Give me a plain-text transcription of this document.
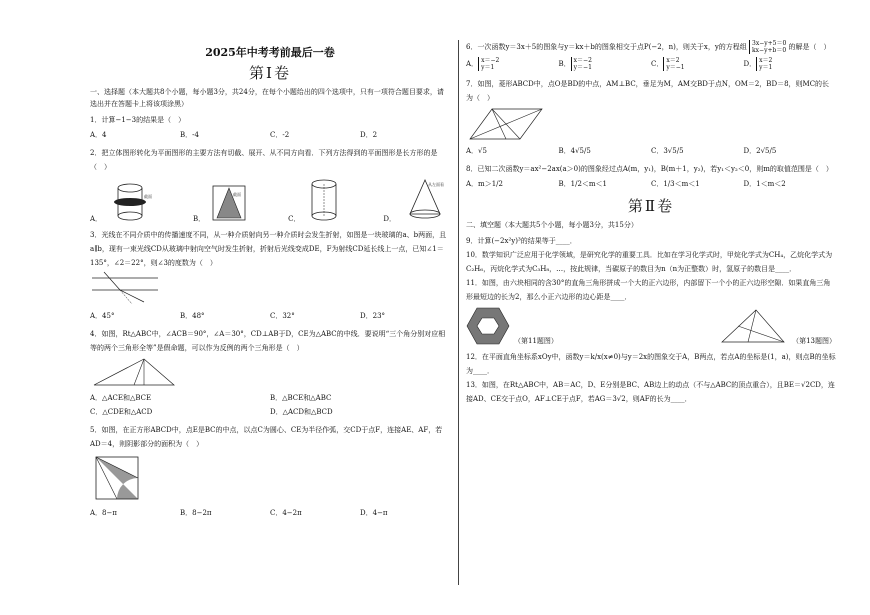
2025年中考考前最后一卷
第Ⅰ卷
一、选择题（本大题共8个小题，每小题3分，共24分，在每个小题给出的四个选项中，只有一项符合题目要求，请选出并在答题卡上将该项涂黑）

1．计算−1−3的结果是（　）

A．4	B．-4	C．-2	D．2

2．把立体图形转化为平面图形的主要方法有切截、展开、从不同方向看．下列方法得到的平面图形是长方形的是（　）

A．
截面
B．
截面
C．	D．
从左面看

3．光线在不同介质中的传播速度不同，从一种介质射向另一种介质时会发生折射，如图是一块玻璃的a、b两面，且a∥b，现有一束光线CD从玻璃中射向空气时发生折射，折射后光线变成DE，F为射线CD延长线上一点，已知∠1＝135°，∠2＝22°，则∠3的度数为（　）

A．45°	B．48°	C．32°	D．23°

4．如图，Rt△ABC中，∠ACB＝90°，∠A＝30°，CD⊥AB于D，CE为△ABC的中线．要说明“三个角分别对应相等的两个三角形全等”是假命题，可以作为反例的两个三角形是（　）

A．△ACE和△BCE	B．△BCE和△ABC
C．△CDE和△ACD	D．△ACD和△BCD

5．如图，在正方形ABCD中，点E是BC的中点，以点C为圆心、CE为半径作弧，交CD于点F，连接AE、AF，若AD＝4，则阴影部分的面积为（　）

A．8−π	B．8−2π	C．4−2π	D．4−π

6．一次函数y＝3x＋5的图象与y＝kx＋b的图象相交于点P(−2，n)，则关于x，y的方程组 3x−y+5＝0
kx−y+b＝0 的解是（　）

A． x＝−2
y＝1	B． x＝−2
y＝−1	C． x＝2
y＝−1	D． x＝2
y＝1

7．如图，菱形ABCD中，点O是BD的中点，AM⊥BC，垂足为M，AM交BD于点N，OM＝2，BD＝8，则MC的长为（　）

A．√5	B．4√5/5	C．3√5/5	D．2√5/5

8．已知二次函数y＝ax²−2ax(a＞0)的图象经过点A(m，y₁)，B(m＋1，y₂)，若y₁＜y₂＜0，则m的取值范围是（　）

A．m＞1/2	B．1/2＜m＜1	C．1/3＜m＜1	D．1＜m＜2
第Ⅱ卷
二、填空题（本大题共5个小题，每小题3分，共15分）

9．计算(−2x²y)³的结果等于____．

10．数学知识广泛应用于化学领域，是研究化学的重要工具．比如在学习化学式时，甲烷化学式为CH₄，乙烷化学式为C₂H₆，丙烷化学式为C₃H₈，…，按此规律，当碳原子的数目为n（n为正整数）时，氢原子的数目是____．

11．如图，由六块相同的含30°的直角三角形拼成一个大的正六边形，内部留下一个小的正六边形空隙．如果直角三角形最短边的长为2，那么小正六边形的边心距是____．

（第11题图）	（第13题图）

12．在平面直角坐标系xOy中，函数y＝k/x(x≠0)与y＝2x的图象交于A，B两点，若点A的坐标是(1，a)，则点B的坐标为____．

13．如图，在Rt△ABC中，AB＝AC，D、E分别是BC、AB边上的动点（不与△ABC的顶点重合），且BE＝√2CD，连接AD、CE交于点O，AF⊥CE于点F，若AG＝3√2，则AF的长为____．
